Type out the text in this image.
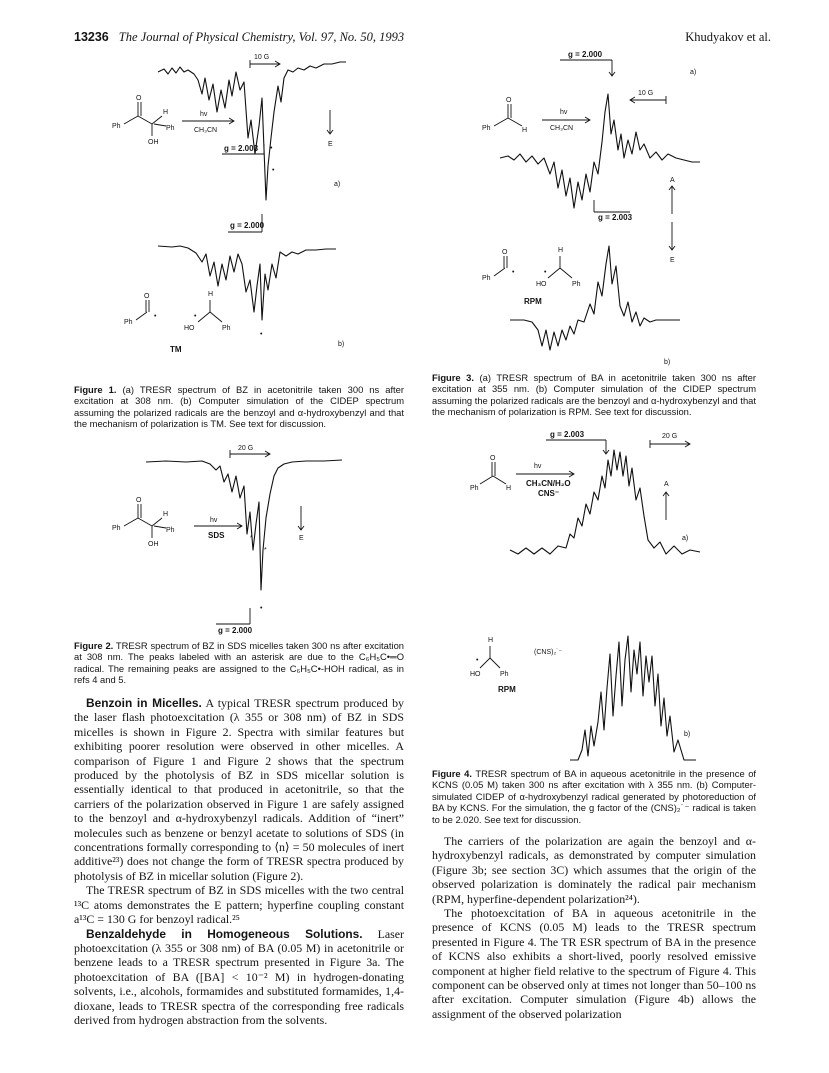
13236 The Journal of Physical Chemistry, Vol. 97, No. 50, 1993	Khudyakov et al.
10 G
•
•
g = 2.003	E
a)
g = 2.000
•
O
Ph
H
OH
Ph
hv
CH₃CN
O
Ph
•
H
•
HO	Ph
TM
b)
Figure 1. (a) TRESR spectrum of BZ in acetonitrile taken 300 ns after excitation at 308 nm. (b) Computer simulation of the CIDEP spectrum assuming the polarized radicals are the benzoyl and α-hydroxybenzyl and that the mechanism of polarization is TM. See text for discussion.
20 G
*
*
•
E
O
Ph
H
OH
Ph
hv
SDS
g = 2.000
Figure 2. TRESR spectrum of BZ in SDS micelles taken 300 ns after excitation at 308 nm. The peaks labeled with an asterisk are due to the C₆H₅C•═O radical. The remaining peaks are assigned to the C₆H₅C•-HOH radical, as in refs 4 and 5.

Benzoin in Micelles. A typical TRESR spectrum produced by the laser flash photoexcitation (λ 355 or 308 nm) of BZ in SDS micelles is shown in Figure 2. Spectra with similar features but exhibiting poorer resolution were observed in other micelles. A comparison of Figure 1 and Figure 2 shows that the spectrum produced by the photolysis of BZ in SDS micellar solution is essentially identical to that produced in acetonitrile, so that the carriers of the polarization observed in Figure 1 are safely assigned to the benzoyl and α-hydroxybenzyl radicals. Addition of “inert” molecules such as benzene or benzyl acetate to solutions of SDS (in concentrations formally corresponding to ⟨n⟩ = 50 molecules of inert additive²³) does not change the form of TRESR spectra produced by photolysis of BZ in micellar solution (Figure 2).

The TRESR spectrum of BZ in SDS micelles with the two central ¹³C atoms demonstrates the E pattern; hyperfine coupling constant a¹³C = 130 G for benzoyl radical.²⁵

Benzaldehyde in Homogeneous Solutions. Laser photoexcitation (λ 355 or 308 nm) of BA (0.05 M) in acetonitrile or benzene leads to a TRESR spectrum presented in Figure 3a. The photoexcitation of BA ([BA] < 10⁻² M) in hydrogen-donating solvents, i.e., alcohols, formamides and substituted formamides, 1,4-dioxane, leads to TRESR spectra of the corresponding free radicals derived from hydrogen abstraction from the solvents.

g = 2.000
a)
10 G
g = 2.003
A
E
O
Ph	H
hv
CH₃CN
O
Ph
•
H
•
HO	Ph
RPM
b)
Figure 3. (a) TRESR spectrum of BA in acetonitrile taken 300 ns after excitation at 355 nm. (b) Computer simulation of the CIDEP spectrum assuming the polarized radicals are the benzoyl and α-hydroxybenzyl and that the mechanism of polarization is RPM. See text for discussion.
g = 2.003	20 G
A
a)
O
Ph	H
hv
CH₃CN/H₂O
CNS⁻
H
•
HO	Ph
(CNS)₂˙⁻
RPM
b)
Figure 4. TRESR spectrum of BA in aqueous acetonitrile in the presence of KCNS (0.05 M) taken 300 ns after excitation with λ 355 nm. (b) Computer-simulated CIDEP of α-hydroxybenzyl radical generated by photoreduction of BA by KCNS. For the simulation, the g factor of the (CNS)₂˙⁻ radical is taken to be 2.020. See text for discussion.

The carriers of the polarization are again the benzoyl and α-hydroxybenzyl radicals, as demonstrated by computer simulation (Figure 3b; see section 3C) which assumes that the origin of the observed polarization is dominately the radical pair mechanism (RPM, hyperfine-dependent polarization²⁴).

The photoexcitation of BA in aqueous acetonitrile in the presence of KCNS (0.05 M) leads to the TRESR spectrum presented in Figure 4. The TR ESR spectrum of BA in the presence of KCNS also exhibits a short-lived, poorly resolved emissive component at higher field relative to the spectrum of Figure 4. This component can be observed only at times not longer than 50–100 ns after excitation. Computer simulation (Figure 4b) allows the assignment of the observed polarization
